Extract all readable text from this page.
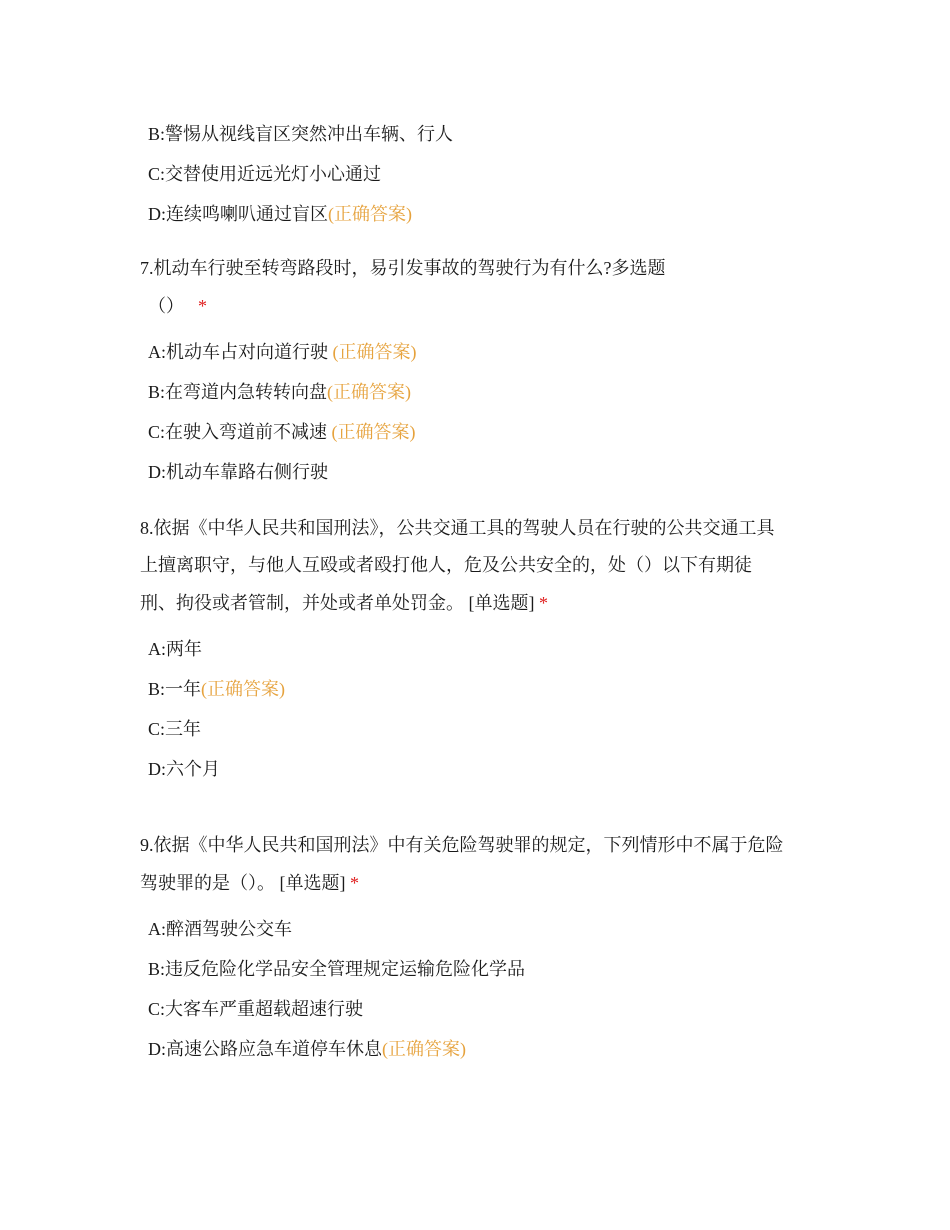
B:警惕从视线盲区突然冲出车辆、行人
C:交替使用近远光灯小心通过
D:连续鸣喇叭通过盲区(正确答案)
7.机动车行驶至转弯路段时，易引发事故的驾驶行为有什么?多选题
（） *
A:机动车占对向道行驶 (正确答案)
B:在弯道内急转转向盘(正确答案)
C:在驶入弯道前不减速 (正确答案)
D:机动车靠路右侧行驶
8.依据《中华人民共和国刑法》，公共交通工具的驾驶人员在行驶的公共交通工具
上擅离职守，与他人互殴或者殴打他人，危及公共安全的，处（）以下有期徒
刑、拘役或者管制，并处或者单处罚金。 [单选题] *
A:两年
B:一年(正确答案)
C:三年
D:六个月
9.依据《中华人民共和国刑法》中有关危险驾驶罪的规定，下列情形中不属于危险
驾驶罪的是（）。 [单选题] *
A:醉酒驾驶公交车
B:违反危险化学品安全管理规定运输危险化学品
C:大客车严重超载超速行驶
D:高速公路应急车道停车休息(正确答案)
